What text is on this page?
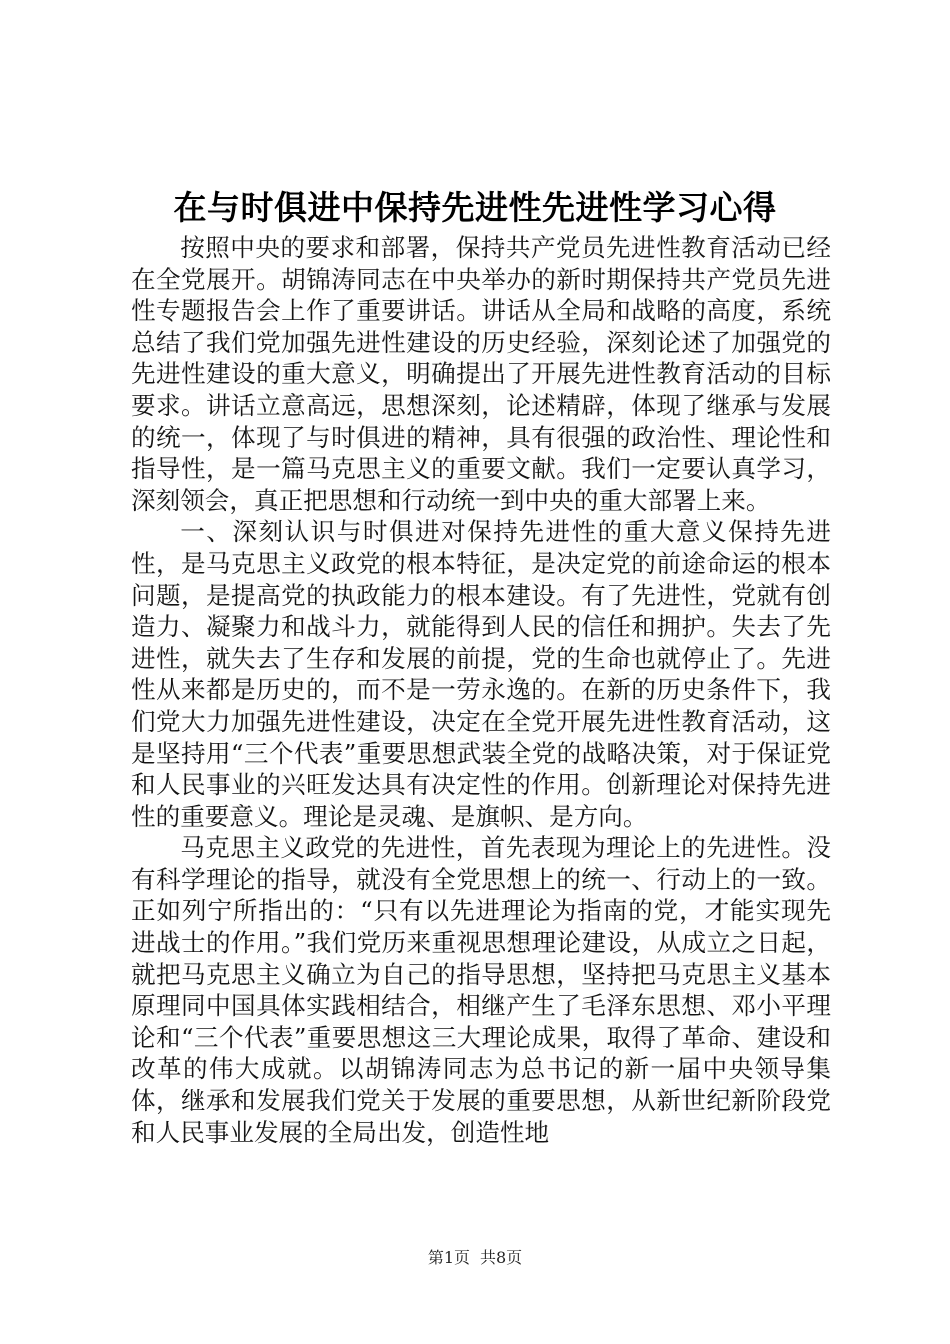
在与时俱进中保持先进性先进性学习心得

按照中央的要求和部署，保持共产党员先进性教育活动已经在全党展开。胡锦涛同志在中央举办的新时期保持共产党员先进性专题报告会上作了重要讲话。讲话从全局和战略的高度，系统总结了我们党加强先进性建设的历史经验，深刻论述了加强党的先进性建设的重大意义，明确提出了开展先进性教育活动的目标要求。讲话立意高远，思想深刻，论述精辟，体现了继承与发展的统一，体现了与时俱进的精神，具有很强的政治性、理论性和指导性，是一篇马克思主义的重要文献。我们一定要认真学习，深刻领会，真正把思想和行动统一到中央的重大部署上来。

一、深刻认识与时俱进对保持先进性的重大意义保持先进性，是马克思主义政党的根本特征，是决定党的前途命运的根本问题，是提高党的执政能力的根本建设。有了先进性，党就有创造力、凝聚力和战斗力，就能得到人民的信任和拥护。失去了先进性，就失去了生存和发展的前提，党的生命也就停止了。先进性从来都是历史的，而不是一劳永逸的。在新的历史条件下，我们党大力加强先进性建设，决定在全党开展先进性教育活动，这是坚持用“三个代表”重要思想武装全党的战略决策，对于保证党和人民事业的兴旺发达具有决定性的作用。创新理论对保持先进性的重要意义。理论是灵魂、是旗帜、是方向。

马克思主义政党的先进性，首先表现为理论上的先进性。没有科学理论的指导，就没有全党思想上的统一、行动上的一致。正如列宁所指出的：“只有以先进理论为指南的党，才能实现先进战士的作用。”我们党历来重视思想理论建设，从成立之日起，就把马克思主义确立为自己的指导思想，坚持把马克思主义基本原理同中国具体实践相结合，相继产生了毛泽东思想、邓小平理论和“三个代表”重要思想这三大理论成果，取得了革命、建设和改革的伟大成就。以胡锦涛同志为总书记的新一届中央领导集体，继承和发展我们党关于发展的重要思想，从新世纪新阶段党和人民事业发展的全局出发，创造性地

第1页 共8页
